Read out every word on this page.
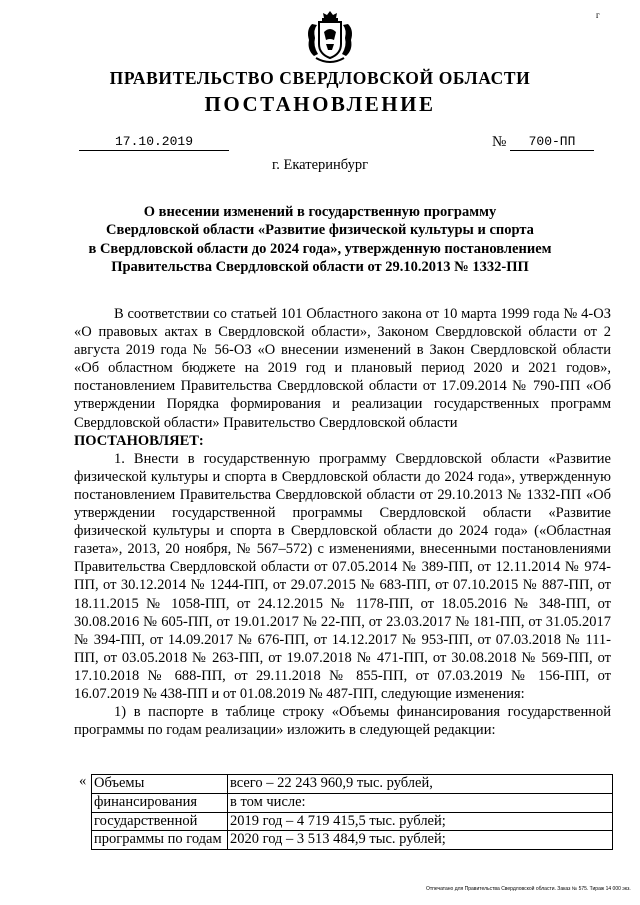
г
ПРАВИТЕЛЬСТВО СВЕРДЛОВСКОЙ ОБЛАСТИ
ПОСТАНОВЛЕНИЕ
17.10.2019	№	700-ПП
г. Екатеринбург
О внесении изменений в государственную программу
Свердловской области «Развитие физической культуры и спорта
в Свердловской области до 2024 года», утвержденную постановлением
Правительства Свердловской области от 29.10.2013 № 1332-ПП

В соответствии со статьей 101 Областного закона от 10 марта 1999 года № 4-ОЗ «О правовых актах в Свердловской области», Законом Свердловской области от 2 августа 2019 года № 56-ОЗ «О внесении изменений в Закон Свердловской области «Об областном бюджете на 2019 год и плановый период 2020 и 2021 годов», постановлением Правительства Свердловской области от 17.09.2014 № 790-ПП «Об утверждении Порядка формирования и реализации государственных программ Свердловской области» Правительство Свердловской области

ПОСТАНОВЛЯЕТ:

1. Внести в государственную программу Свердловской области «Развитие физической культуры и спорта в Свердловской области до 2024 года», утвержденную постановлением Правительства Свердловской области от 29.10.2013 № 1332-ПП «Об утверждении государственной программы Свердловской области «Развитие физической культуры и спорта в Свердловской области до 2024 года» («Областная газета», 2013, 20 ноября, № 567–572) с изменениями, внесенными постановлениями Правительства Свердловской области от 07.05.2014 № 389-ПП, от 12.11.2014 № 974-ПП, от 30.12.2014 № 1244-ПП, от 29.07.2015 № 683-ПП, от 07.10.2015 № 887-ПП, от 18.11.2015 № 1058-ПП, от 24.12.2015 № 1178-ПП, от 18.05.2016 № 348-ПП, от 30.08.2016 № 605-ПП, от 19.01.2017 № 22-ПП, от 23.03.2017 № 181-ПП, от 31.05.2017 № 394-ПП, от 14.09.2017 № 676-ПП, от 14.12.2017 № 953-ПП, от 07.03.2018 № 111-ПП, от 03.05.2018 № 263-ПП, от 19.07.2018 № 471-ПП, от 30.08.2018 № 569-ПП, от 17.10.2018 № 688-ПП, от 29.11.2018 № 855-ПП, от 07.03.2019 № 156-ПП, от 16.07.2019 № 438-ПП и от 01.08.2019 № 487-ПП, следующие изменения:

1) в паспорте в таблице строку «Объемы финансирования государственной программы по годам реализации» изложить в следующей редакции:

« Объемы	всего – 22 243 960,9 тыс. рублей,
финансирования	в том числе:
государственной	2019 год – 4 719 415,5 тыс. рублей;
программы по годам	2020 год – 3 513 484,9 тыс. рублей;
Отпечатано для Правительства Свердловской области. Заказ № 575. Тираж 14 000 экз.
